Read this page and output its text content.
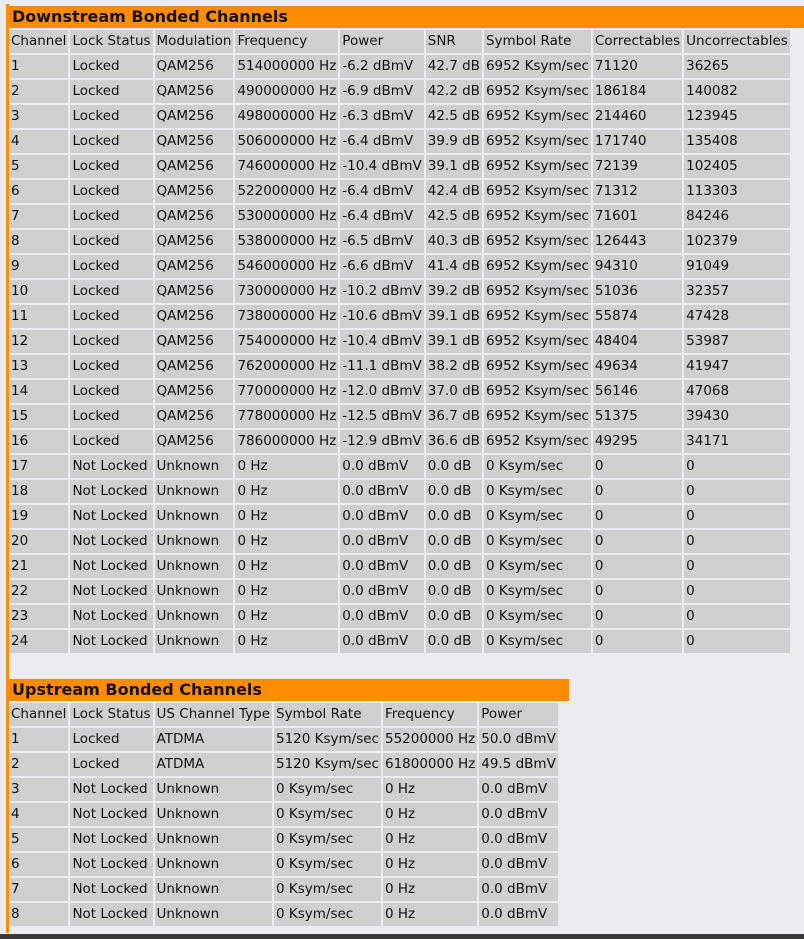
Downstream Bonded Channels
Channel	Lock Status	Modulation	Frequency	Power	SNR	Symbol Rate	Correctables	Uncorrectables
1	Locked	QAM256	514000000 Hz	-6.2 dBmV	42.7 dB	6952 Ksym/sec	71120	36265
2	Locked	QAM256	490000000 Hz	-6.9 dBmV	42.2 dB	6952 Ksym/sec	186184	140082
3	Locked	QAM256	498000000 Hz	-6.3 dBmV	42.5 dB	6952 Ksym/sec	214460	123945
4	Locked	QAM256	506000000 Hz	-6.4 dBmV	39.9 dB	6952 Ksym/sec	171740	135408
5	Locked	QAM256	746000000 Hz	-10.4 dBmV	39.1 dB	6952 Ksym/sec	72139	102405
6	Locked	QAM256	522000000 Hz	-6.4 dBmV	42.4 dB	6952 Ksym/sec	71312	113303
7	Locked	QAM256	530000000 Hz	-6.4 dBmV	42.5 dB	6952 Ksym/sec	71601	84246
8	Locked	QAM256	538000000 Hz	-6.5 dBmV	40.3 dB	6952 Ksym/sec	126443	102379
9	Locked	QAM256	546000000 Hz	-6.6 dBmV	41.4 dB	6952 Ksym/sec	94310	91049
10	Locked	QAM256	730000000 Hz	-10.2 dBmV	39.2 dB	6952 Ksym/sec	51036	32357
11	Locked	QAM256	738000000 Hz	-10.6 dBmV	39.1 dB	6952 Ksym/sec	55874	47428
12	Locked	QAM256	754000000 Hz	-10.4 dBmV	39.1 dB	6952 Ksym/sec	48404	53987
13	Locked	QAM256	762000000 Hz	-11.1 dBmV	38.2 dB	6952 Ksym/sec	49634	41947
14	Locked	QAM256	770000000 Hz	-12.0 dBmV	37.0 dB	6952 Ksym/sec	56146	47068
15	Locked	QAM256	778000000 Hz	-12.5 dBmV	36.7 dB	6952 Ksym/sec	51375	39430
16	Locked	QAM256	786000000 Hz	-12.9 dBmV	36.6 dB	6952 Ksym/sec	49295	34171
17	Not Locked	Unknown	0 Hz	0.0 dBmV	0.0 dB	0 Ksym/sec	0	0
18	Not Locked	Unknown	0 Hz	0.0 dBmV	0.0 dB	0 Ksym/sec	0	0
19	Not Locked	Unknown	0 Hz	0.0 dBmV	0.0 dB	0 Ksym/sec	0	0
20	Not Locked	Unknown	0 Hz	0.0 dBmV	0.0 dB	0 Ksym/sec	0	0
21	Not Locked	Unknown	0 Hz	0.0 dBmV	0.0 dB	0 Ksym/sec	0	0
22	Not Locked	Unknown	0 Hz	0.0 dBmV	0.0 dB	0 Ksym/sec	0	0
23	Not Locked	Unknown	0 Hz	0.0 dBmV	0.0 dB	0 Ksym/sec	0	0
24	Not Locked	Unknown	0 Hz	0.0 dBmV	0.0 dB	0 Ksym/sec	0	0
Upstream Bonded Channels
Channel	Lock Status	US Channel Type	Symbol Rate	Frequency	Power
1	Locked	ATDMA	5120 Ksym/sec	55200000 Hz	50.0 dBmV
2	Locked	ATDMA	5120 Ksym/sec	61800000 Hz	49.5 dBmV
3	Not Locked	Unknown	0 Ksym/sec	0 Hz	0.0 dBmV
4	Not Locked	Unknown	0 Ksym/sec	0 Hz	0.0 dBmV
5	Not Locked	Unknown	0 Ksym/sec	0 Hz	0.0 dBmV
6	Not Locked	Unknown	0 Ksym/sec	0 Hz	0.0 dBmV
7	Not Locked	Unknown	0 Ksym/sec	0 Hz	0.0 dBmV
8	Not Locked	Unknown	0 Ksym/sec	0 Hz	0.0 dBmV
